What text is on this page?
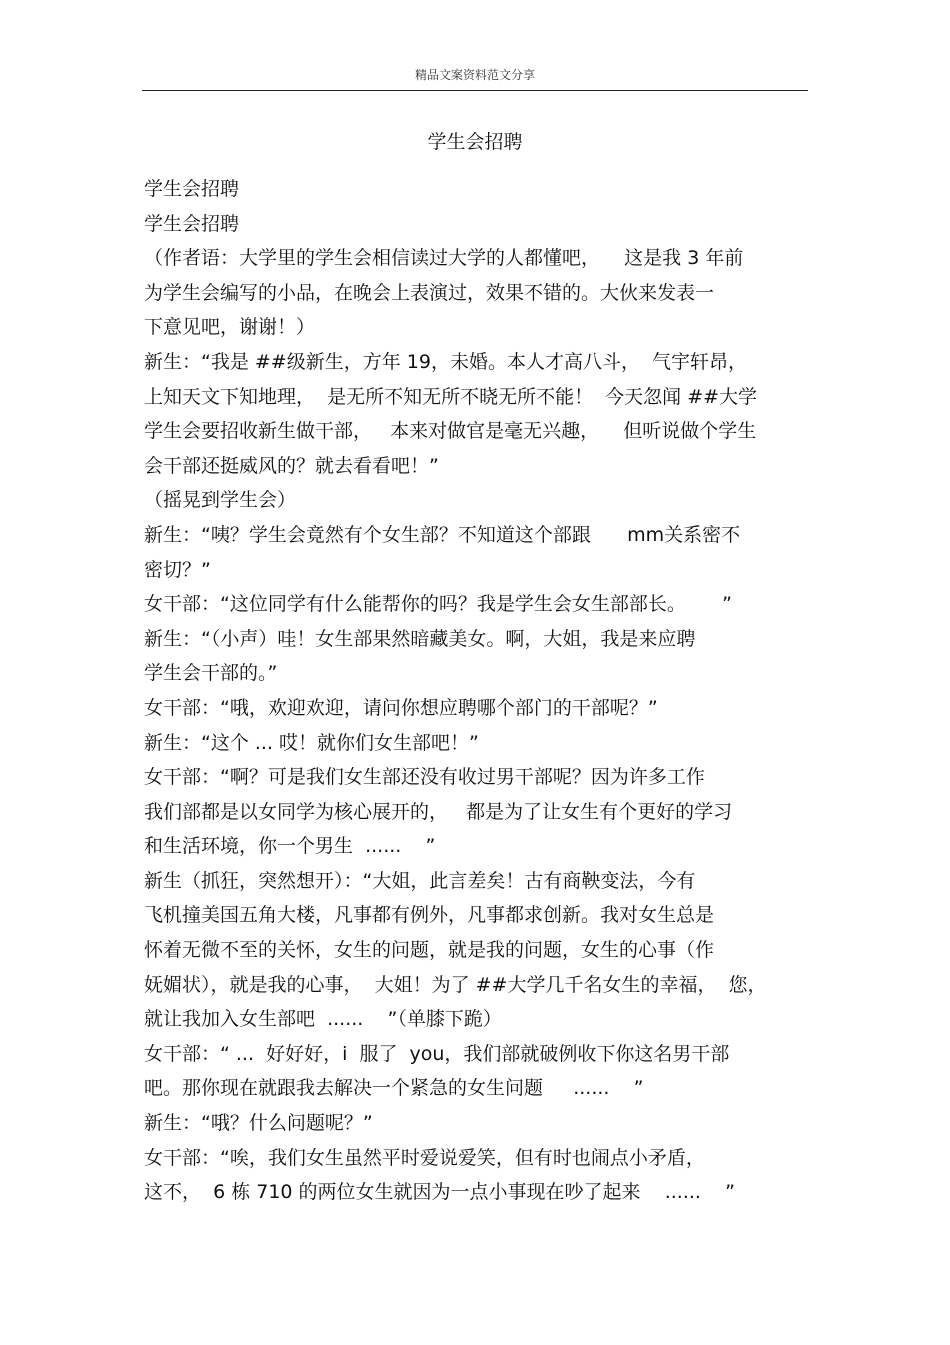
精品文案资料范文分享
学生会招聘
学生会招聘
学生会招聘
（作者语：大学里的学生会相信读过大学的人都懂吧，    这是我 3 年前
为学生会编写的小品，在晚会上表演过，效果不错的。大伙来发表一
下意见吧，谢谢！）
新生：“我是 ##级新生，方年 19，未婚。本人才高八斗，  气宇轩昂，
上知天文下知地理，  是无所不知无所不晓无所不能！  今天忽闻 ##大学
学生会要招收新生做干部，   本来对做官是毫无兴趣，    但听说做个学生
会干部还挺威风的？就去看看吧！”
（摇晃到学生会）
新生：“咦？学生会竟然有个女生部？不知道这个部跟      mm关系密不
密切？”
女干部：“这位同学有什么能帮你的吗？我是学生会女生部部长。      ”
新生：“（小声）哇！女生部果然暗藏美女。啊，大姐，我是来应聘
学生会干部的。”
女干部：“哦，欢迎欢迎，请问你想应聘哪个部门的干部呢？”
新生：“这个 ... 哎！就你们女生部吧！”
女干部：“啊？可是我们女生部还没有收过男干部呢？因为许多工作
我们部都是以女同学为核心展开的，   都是为了让女生有个更好的学习
和生活环境，你一个男生  ......    ”
新生（抓狂，突然想开）：“大姐，此言差矣！古有商鞅变法，今有
飞机撞美国五角大楼，凡事都有例外，凡事都求创新。我对女生总是
怀着无微不至的关怀，女生的问题，就是我的问题，女生的心事（作
妩媚状），就是我的心事，  大姐！为了 ##大学几千名女生的幸福，  您，
就让我加入女生部吧  ......    ”（单膝下跪）
女干部：“ ...  好好好，i  服了  you，我们部就破例收下你这名男干部
吧。那你现在就跟我去解决一个紧急的女生问题     ......    ”
新生：“哦？什么问题呢？”
女干部：“唉，我们女生虽然平时爱说爱笑，但有时也闹点小矛盾，
这不，  6 栋 710 的两位女生就因为一点小事现在吵了起来    ......    ”
